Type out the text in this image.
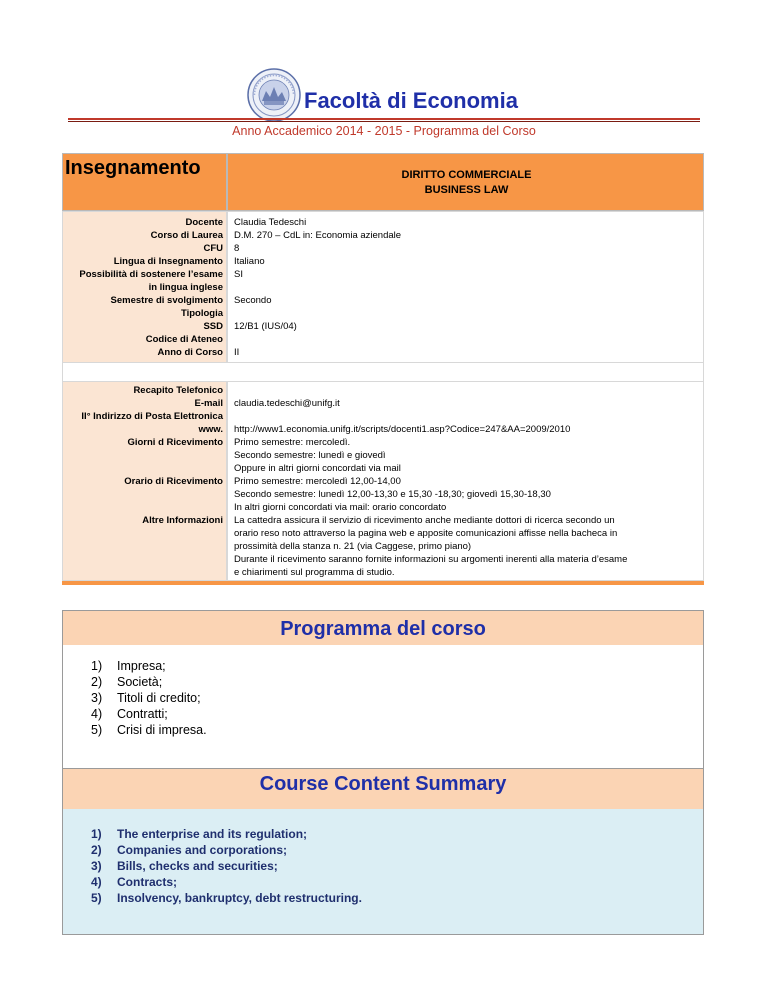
Facoltà di Economia
Anno Accademico 2014 - 2015 - Programma del Corso
Insegnamento	DIRITTO COMMERCIALE
BUSINESS LAW
Docente
Corso di Laurea
CFU
Lingua di Insegnamento
Possibilità di sostenere l’esame
in lingua inglese
Semestre di svolgimento
Tipologia
SSD
Codice di Ateneo
Anno di Corso
Claudia Tedeschi
D.M. 270 – CdL in: Economia aziendale
8
Italiano
SI
Secondo
12/B1 (IUS/04)
II
Recapito Telefonico
E-mail
II° Indirizzo di Posta Elettronica
www.
Giorni d Ricevimento
Orario di Ricevimento
Altre Informazioni
claudia.tedeschi@unifg.it
http://www1.economia.unifg.it/scripts/docenti1.asp?Codice=247&AA=2009/2010
Primo semestre: mercoledì.
Secondo semestre: lunedì e giovedì
Oppure in altri giorni concordati via mail
Primo semestre: mercoledì 12,00-14,00
Secondo semestre: lunedì 12,00-13,30 e 15,30 -18,30; giovedì 15,30-18,30
In altri giorni concordati via mail: orario concordato
La cattedra assicura il servizio di ricevimento anche mediante dottori di ricerca secondo un
orario reso noto attraverso la pagina web e apposite comunicazioni affisse nella bacheca in
prossimità della stanza n. 21 (via Caggese, primo piano)
Durante il ricevimento saranno fornite informazioni su argomenti inerenti alla materia d’esame
e chiarimenti sul programma di studio.
Programma del corso
1) Impresa;
2) Società;
3) Titoli di credito;
4) Contratti;
5) Crisi di impresa.
Course Content Summary
1) The enterprise and its regulation;
2) Companies and corporations;
3) Bills, checks and securities;
4) Contracts;
5) Insolvency, bankruptcy, debt restructuring.
